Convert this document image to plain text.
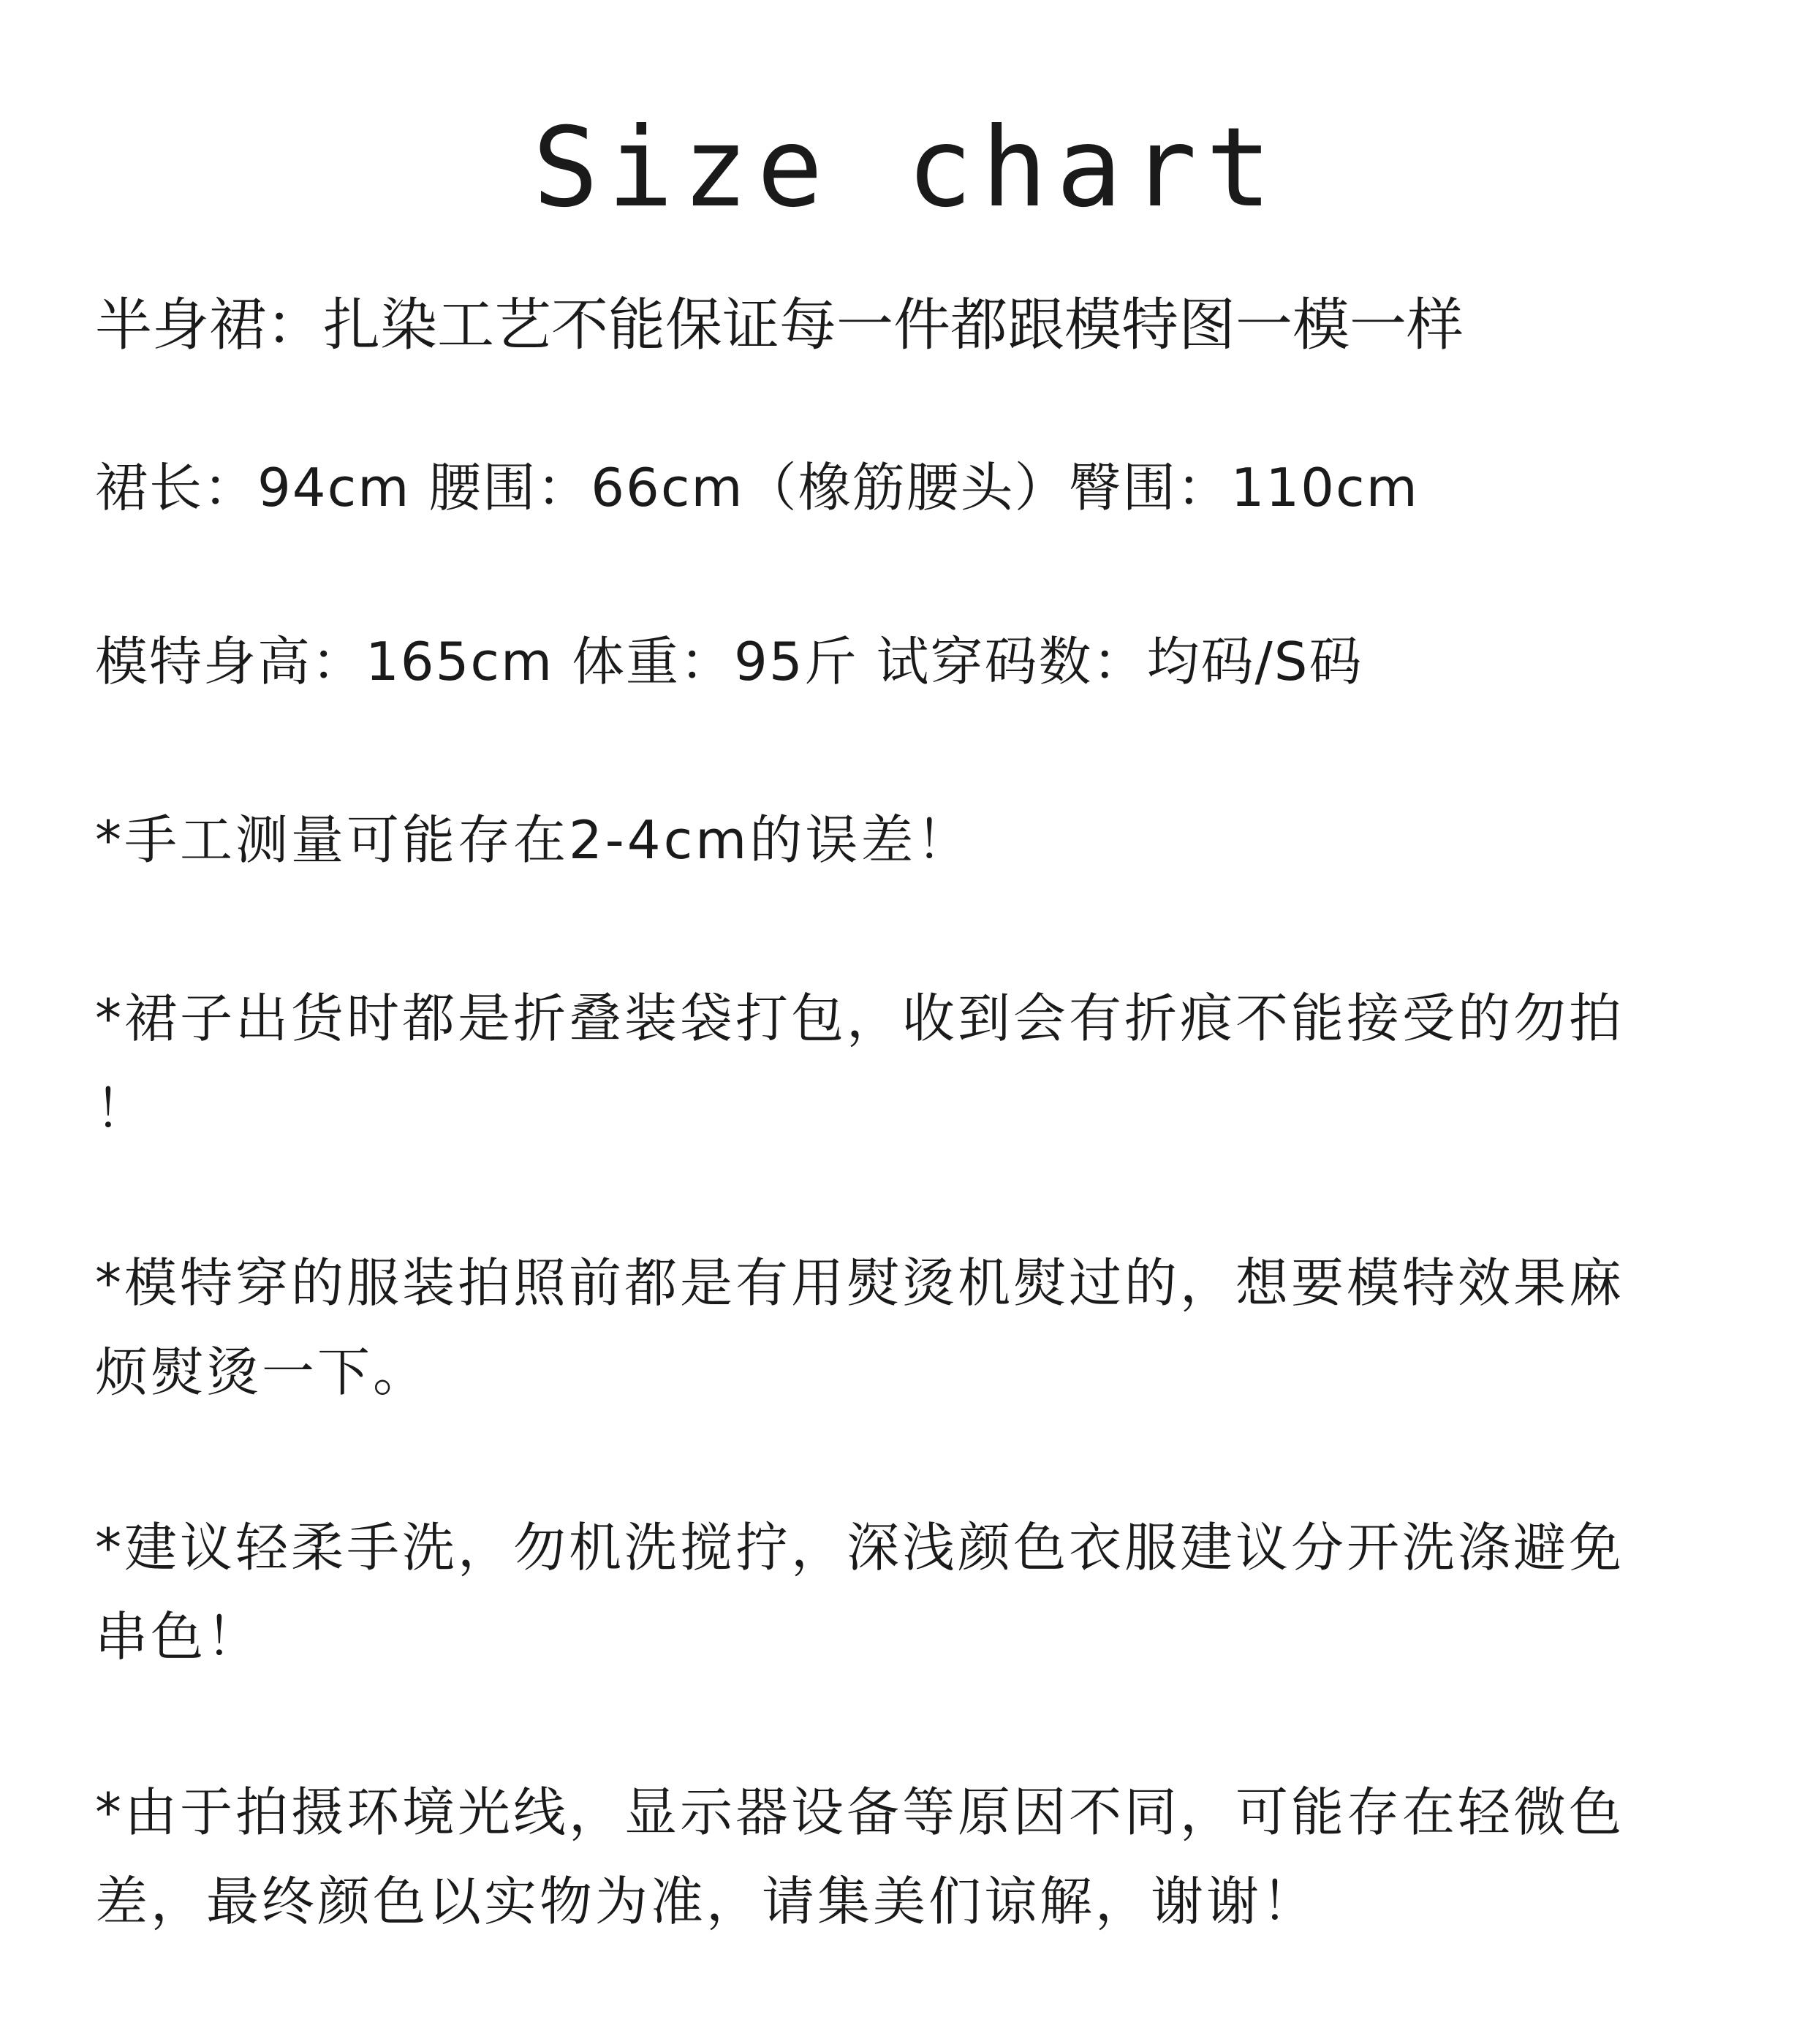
Size chart
半身裙：扎染工艺不能保证每一件都跟模特图一模一样
裙长：94cm 腰围：66cm（橡筋腰头）臀围：110cm
模特身高：165cm 体重：95斤 试穿码数：均码/S码
*手工测量可能存在2-4cm的误差！
*裙子出货时都是折叠装袋打包，收到会有折痕不能接受的勿拍
！
*模特穿的服装拍照前都是有用熨烫机熨过的，想要模特效果麻
烦熨烫一下。
*建议轻柔手洗，勿机洗搅拧，深浅颜色衣服建议分开洗涤避免
串色！
*由于拍摄环境光线，显示器设备等原因不同，可能存在轻微色
差，最终颜色以实物为准，请集美们谅解，谢谢！
